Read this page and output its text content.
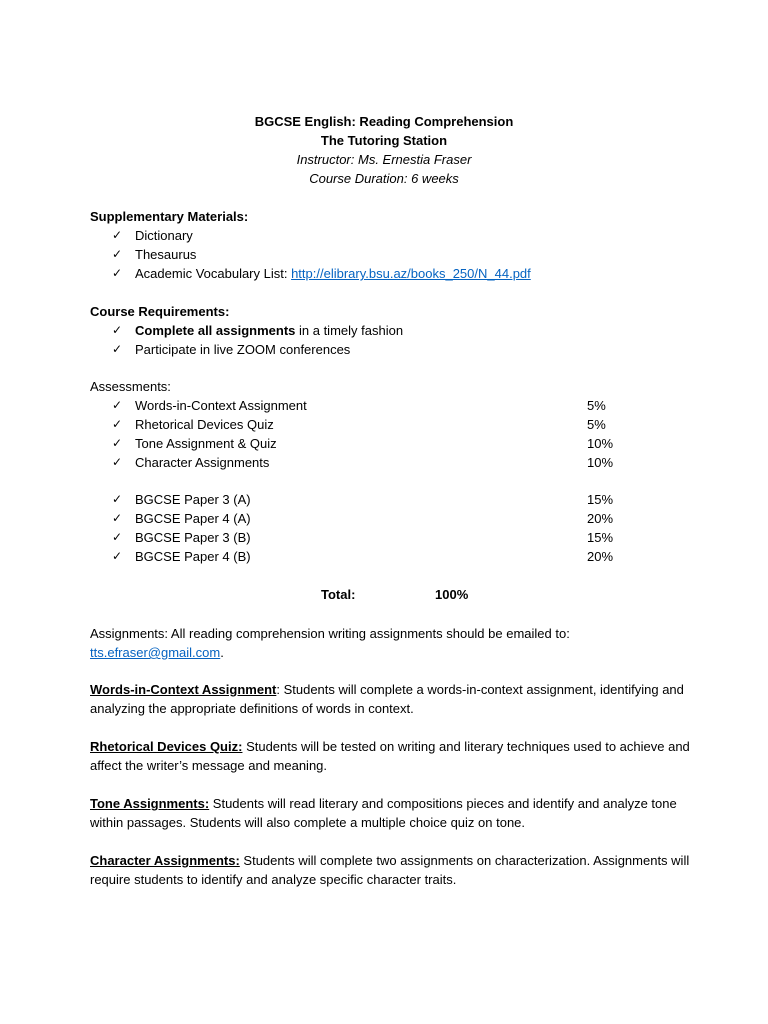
BGCSE English: Reading Comprehension
The Tutoring Station
Instructor: Ms. Ernestia Fraser
Course Duration: 6 weeks
Supplementary Materials:
✓ Dictionary
✓ Thesaurus
✓ Academic Vocabulary List: http://elibrary.bsu.az/books_250/N_44.pdf
Course Requirements:
✓ Complete all assignments in a timely fashion
✓ Participate in live ZOOM conferences
Assessments:
✓ Words-in-Context Assignment	5%
✓ Rhetorical Devices Quiz	5%
✓ Tone Assignment & Quiz	10%
✓ Character Assignments	10%
✓ BGCSE Paper 3 (A)	15%
✓ BGCSE Paper 4 (A)	20%
✓ BGCSE Paper 3 (B)	15%
✓ BGCSE Paper 4 (B)	20%
Total:	100%

Assignments: All reading comprehension writing assignments should be emailed to:

tts.efraser@gmail.com.

Words-in-Context Assignment: Students will complete a words-in-context assignment, identifying and analyzing the appropriate definitions of words in context.

Rhetorical Devices Quiz: Students will be tested on writing and literary techniques used to achieve and affect the writer’s message and meaning.

Tone Assignments: Students will read literary and compositions pieces and identify and analyze tone within passages. Students will also complete a multiple choice quiz on tone.

Character Assignments: Students will complete two assignments on characterization. Assignments will require students to identify and analyze specific character traits.
